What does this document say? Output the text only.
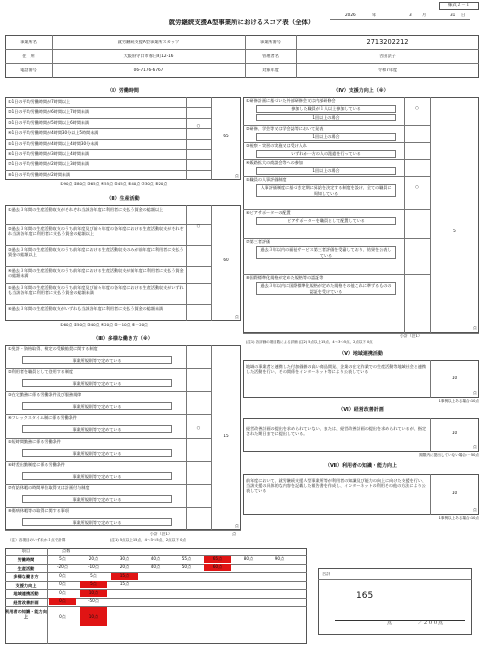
様式２－１
2026	年	3 月	31 日
就労継続支援A型事業所におけるスコア表（全体）
事業所名	就労継続支援A型事業所スカッツ	事業所番号	2713202212
住　所	大阪府守口市春日町12-16	管理者名	吉田法子
電話番号	06-7176-6767	対象年度	令和7年度
（Ⅰ）労働時間
①1日の平均労働時間が7時間以上
②1日の平均労働時間が6時間以上7時間未満
③1日の平均労働時間が5時間以上6時間未満
④1日の平均労働時間が4時間30分以上5時間未満
⑤1日の平均労働時間が4時間以上4時間30分未満
⑥1日の平均労働時間が3時間以上4時間未満
⑦1日の平均労働時間が2時間以上3時間未満
⑧1日の平均労働時間が2時間未満
○
65
点
①90点 ②80点 ③65点 ④55点 ⑤45点 ⑥40点 ⑦30点 ⑧20点
（Ⅱ）生産活動
①過去３年間の生産活動収支がそれぞれ当該各年度に利用者に支払う賃金の総額以上
②過去３年間の生産活動収支のうち前年度及び前々年度の各年度における生産活動収支がそれぞれ当該各年度に利用者に支払う賃金の総額以上
③過去３年間の生産活動収支のうち前年度における生産活動収支のみが前年度に利用者に支払う賃金の総額以上
④過去３年間の生産活動収支のうち前年度における生産活動収支が前年度に利用者に支払う賃金の総額未満
⑤過去３年間の生産活動収支のうち前年度及び前々年度の各年度における生産活動収支がいずれも当該各年度に利用者に支払う賃金の総額未満
⑥過去３年間の生産活動収支がいずれも当該各年度に利用者に支払う賃金の総額未満
○
60
点
①60点 ②50点 ③40点 ④20点 ⑤－10点 ⑥－20点
（Ⅲ）多様な働き方（※）
①免許・資格取得、検定の受験勧奨に関する制度
事業所規則等で定めている
②利用者を職員として登用する制度
事業所規則等で定めている
③在宅勤務に係る労働条件及び服務規律
事業所規則等で定めている
④フレックスタイム制に係る労働条件
事業所規則等で定めている	○
⑤短時間勤務に係る労働条件
事業所規則等で定めている
⑥時差出勤制度に係る労働条件
事業所規則等で定めている
⑦有給休暇の時間単位取得又は計画付与制度
事業所規則等で定めている
⑧傷病休暇等の取得に関する事項
事業所規則等で定めている
15
点
小計（注1）	点
（注）各項目のいずれか１点で計算	(注1) 5点以上15点、4～3つ5点、2点以下 0点
（Ⅳ）支援力向上（※）
①研修計画に基づいた外部研修会又は内部研修会
参加した職員が１人以上参加している
1回以上の場合
○
②研修、学会等又は学会誌等において発表
1回以上の場合
③視察・実習の実施又は受け入れ
いずれか一方の人の派遣を行っている
④販路拡大の商談会等への参加
1回以上の場合
⑤職員の人事評価制度
人事評価制度に基づき定期に昇給を決定する制度を設け、全ての職員に周知している
○
⑥ピアサポーターの配置
ピアサポーターを職員として配置している
⑦第三者評価
過去３年以内の福祉サービス第三者評価を受審しており、結果を公表している
⑧国際標準化規格が定めた規格等の認証等
過去３年以内に国際標準化規格が定めた規格その他これに準ずるものの認証を受けている
5
点
小計（注1）
(注1) 各評価の項目数による評価 (注2) 5点以上15点、4～3つ5点、2点以下 0点
（Ⅴ）地域連携活動
地域の事業者と連携した付加価値の高い商品開発、企業の在宅作業での生産活動等地域社会と連携した活動を行い、その関係をインターネット等により公表している
10
点
1事例以上ある場合:10点
（Ⅵ）経営改善計画
経営改善計画の提出を求められていない、または、経営改善計画の提出を求められているが、指定された期日までに提出している。	10
点
期限内に提出していない場合:－50点
（Ⅶ）利用者の知識・能力向上
前年度において、就労継続支援Ａ型事業所等が利用者の知識及び能力の向上に向けた支援を行い、当該支援の具体的な内容を記載した報告書を作成し、インターネットの利用その他の方法により公表している	10
点
1事例以上ある場合:10点
項目	点数
労働時間	5点	20点	30点	40点	55点	65点	80点	90点
生産活動	-20点	-10点	20点	40点	50点	60点
多様な働き方	0点	5点	15点
支援力向上	0点	5点	15点
地域連携活動	0点	10点
経営改善計画	0点	-50点
利用者の知識・能力向上	0点	10点
合計
165
点	／２００点
